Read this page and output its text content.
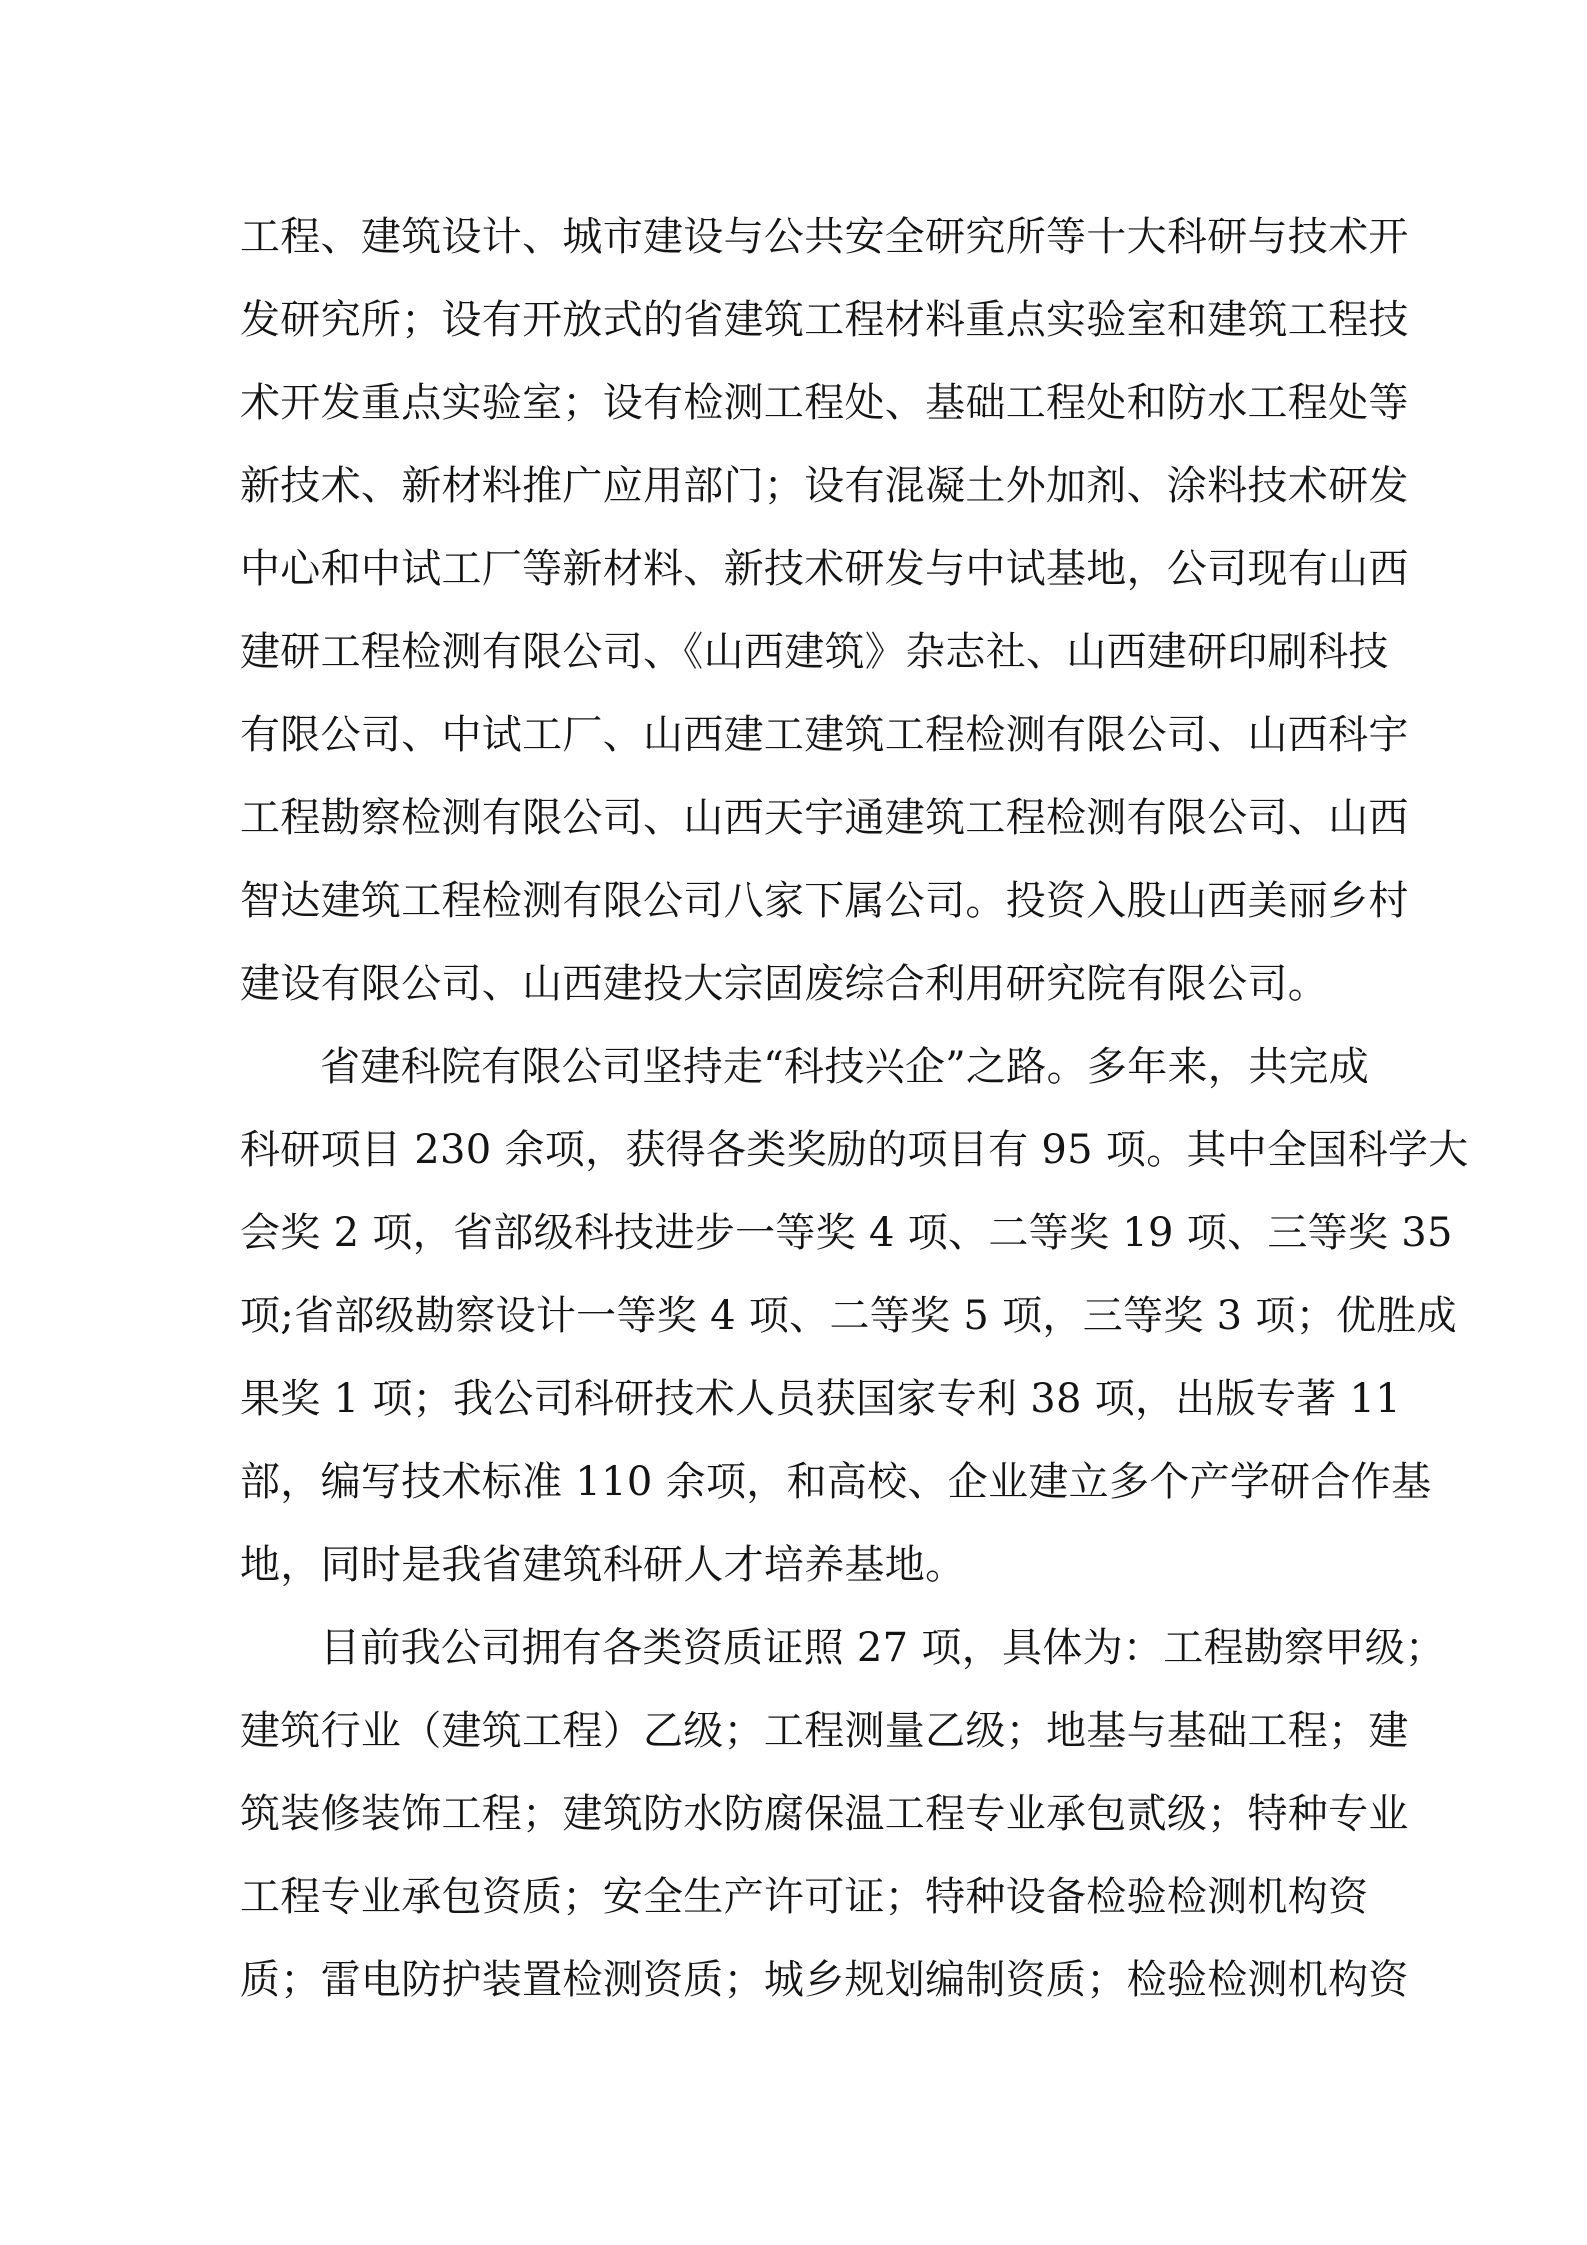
工程、建筑设计、城市建设与公共安全研究所等十大科研与技术开
发研究所；设有开放式的省建筑工程材料重点实验室和建筑工程技
术开发重点实验室；设有检测工程处、基础工程处和防水工程处等
新技术、新材料推广应用部门；设有混凝土外加剂、涂料技术研发
中心和中试工厂等新材料、新技术研发与中试基地，公司现有山西
建研工程检测有限公司、《山西建筑》杂志社、山西建研印刷科技
有限公司、中试工厂、山西建工建筑工程检测有限公司、山西科宇
工程勘察检测有限公司、山西天宇通建筑工程检测有限公司、山西
智达建筑工程检测有限公司八家下属公司。投资入股山西美丽乡村
建设有限公司、山西建投大宗固废综合利用研究院有限公司。
省建科院有限公司坚持走“科技兴企”之路。多年来，共完成
科研项目 230 余项，获得各类奖励的项目有 95 项。其中全国科学大
会奖 2 项，省部级科技进步一等奖 4 项、二等奖 19 项、三等奖 35
项;省部级勘察设计一等奖 4 项、二等奖 5 项，三等奖 3 项；优胜成
果奖 1 项；我公司科研技术人员获国家专利 38 项，出版专著 11
部，编写技术标准 110 余项，和高校、企业建立多个产学研合作基
地，同时是我省建筑科研人才培养基地。
目前我公司拥有各类资质证照 27 项，具体为：工程勘察甲级；
建筑行业（建筑工程）乙级；工程测量乙级；地基与基础工程；建
筑装修装饰工程；建筑防水防腐保温工程专业承包贰级；特种专业
工程专业承包资质；安全生产许可证；特种设备检验检测机构资
质；雷电防护装置检测资质；城乡规划编制资质；检验检测机构资
